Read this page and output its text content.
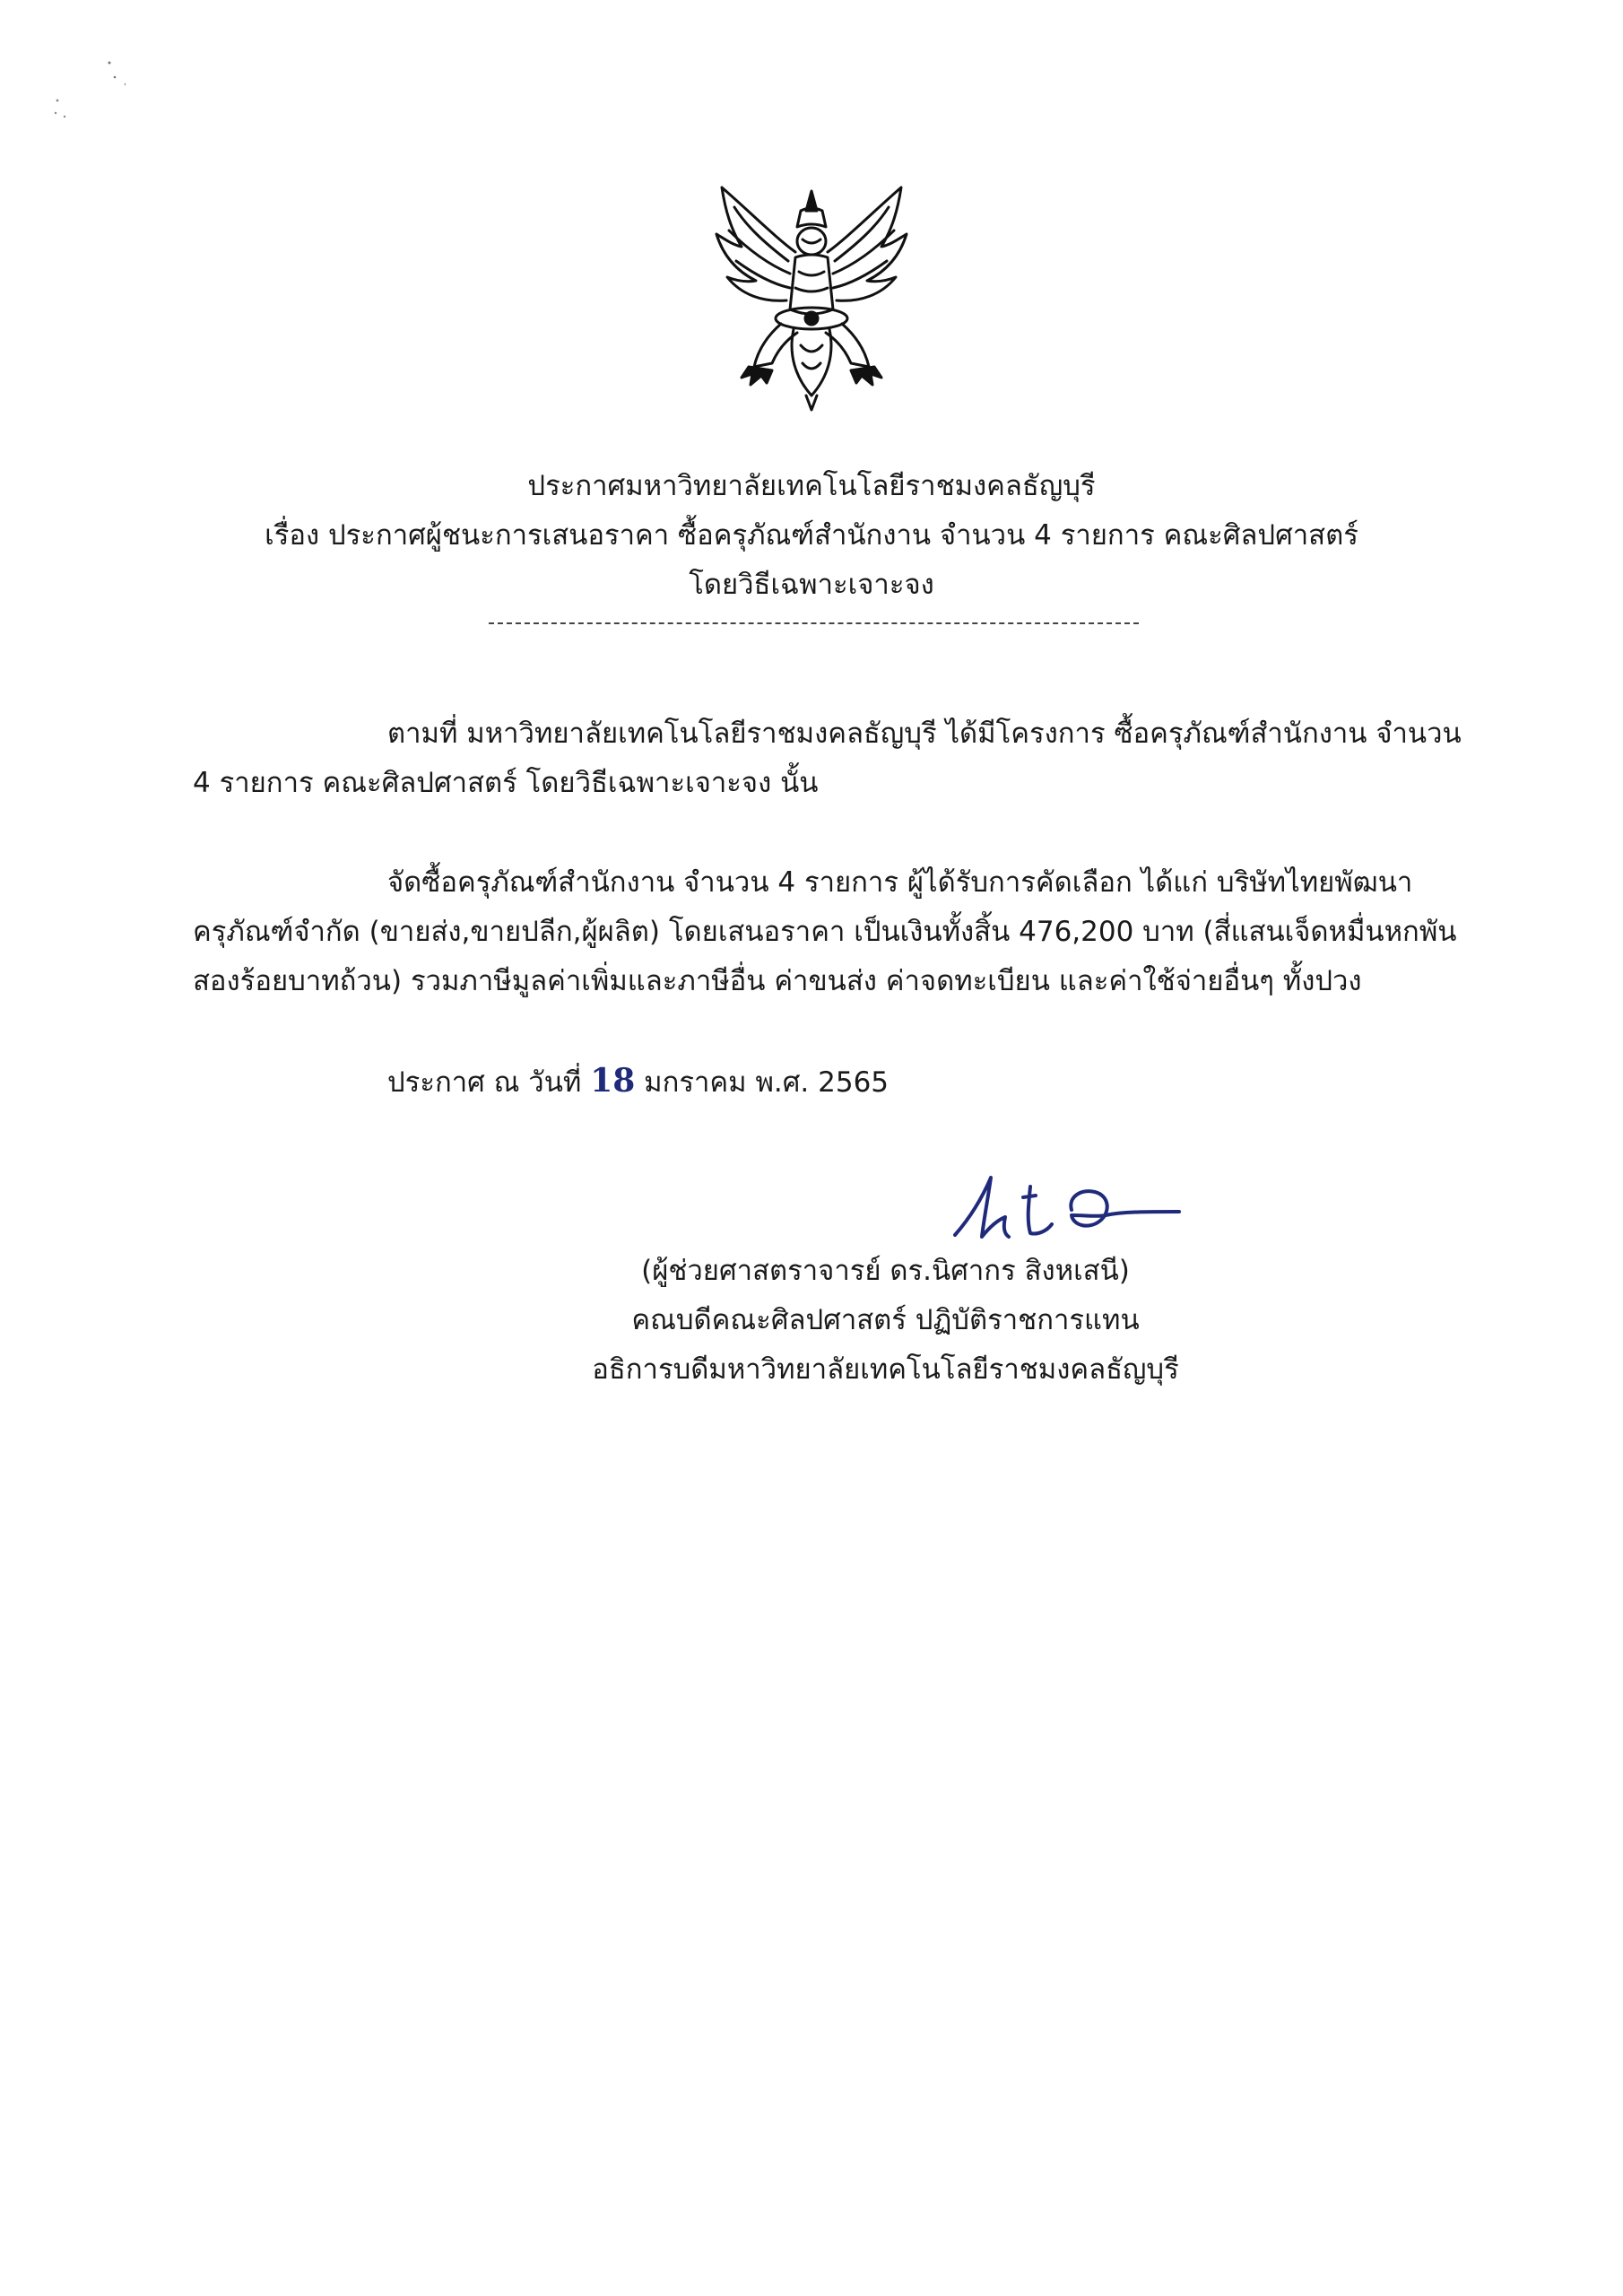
ประกาศมหาวิทยาลัยเทคโนโลยีราชมงคลธัญบุรี
เรื่อง ประกาศผู้ชนะการเสนอราคา ซื้อครุภัณฑ์สำนักงาน จำนวน 4 รายการ คณะศิลปศาสตร์
โดยวิธีเฉพาะเจาะจง
ตามที่ มหาวิทยาลัยเทคโนโลยีราชมงคลธัญบุรี ได้มีโครงการ ซื้อครุภัณฑ์สำนักงาน จำนวน
4 รายการ คณะศิลปศาสตร์ โดยวิธีเฉพาะเจาะจง นั้น
จัดซื้อครุภัณฑ์สำนักงาน จำนวน 4 รายการ ผู้ได้รับการคัดเลือก ได้แก่ บริษัทไทยพัฒนา
ครุภัณฑ์จำกัด (ขายส่ง,ขายปลีก,ผู้ผลิต) โดยเสนอราคา เป็นเงินทั้งสิ้น 476,200 บาท (สี่แสนเจ็ดหมื่นหกพัน
สองร้อยบาทถ้วน) รวมภาษีมูลค่าเพิ่มและภาษีอื่น ค่าขนส่ง ค่าจดทะเบียน และค่าใช้จ่ายอื่นๆ ทั้งปวง
ประกาศ ณ วันที่ 18 มกราคม พ.ศ. 2565
(ผู้ช่วยศาสตราจารย์ ดร.นิศากร สิงหเสนี)
คณบดีคณะศิลปศาสตร์ ปฏิบัติราชการแทน
อธิการบดีมหาวิทยาลัยเทคโนโลยีราชมงคลธัญบุรี
